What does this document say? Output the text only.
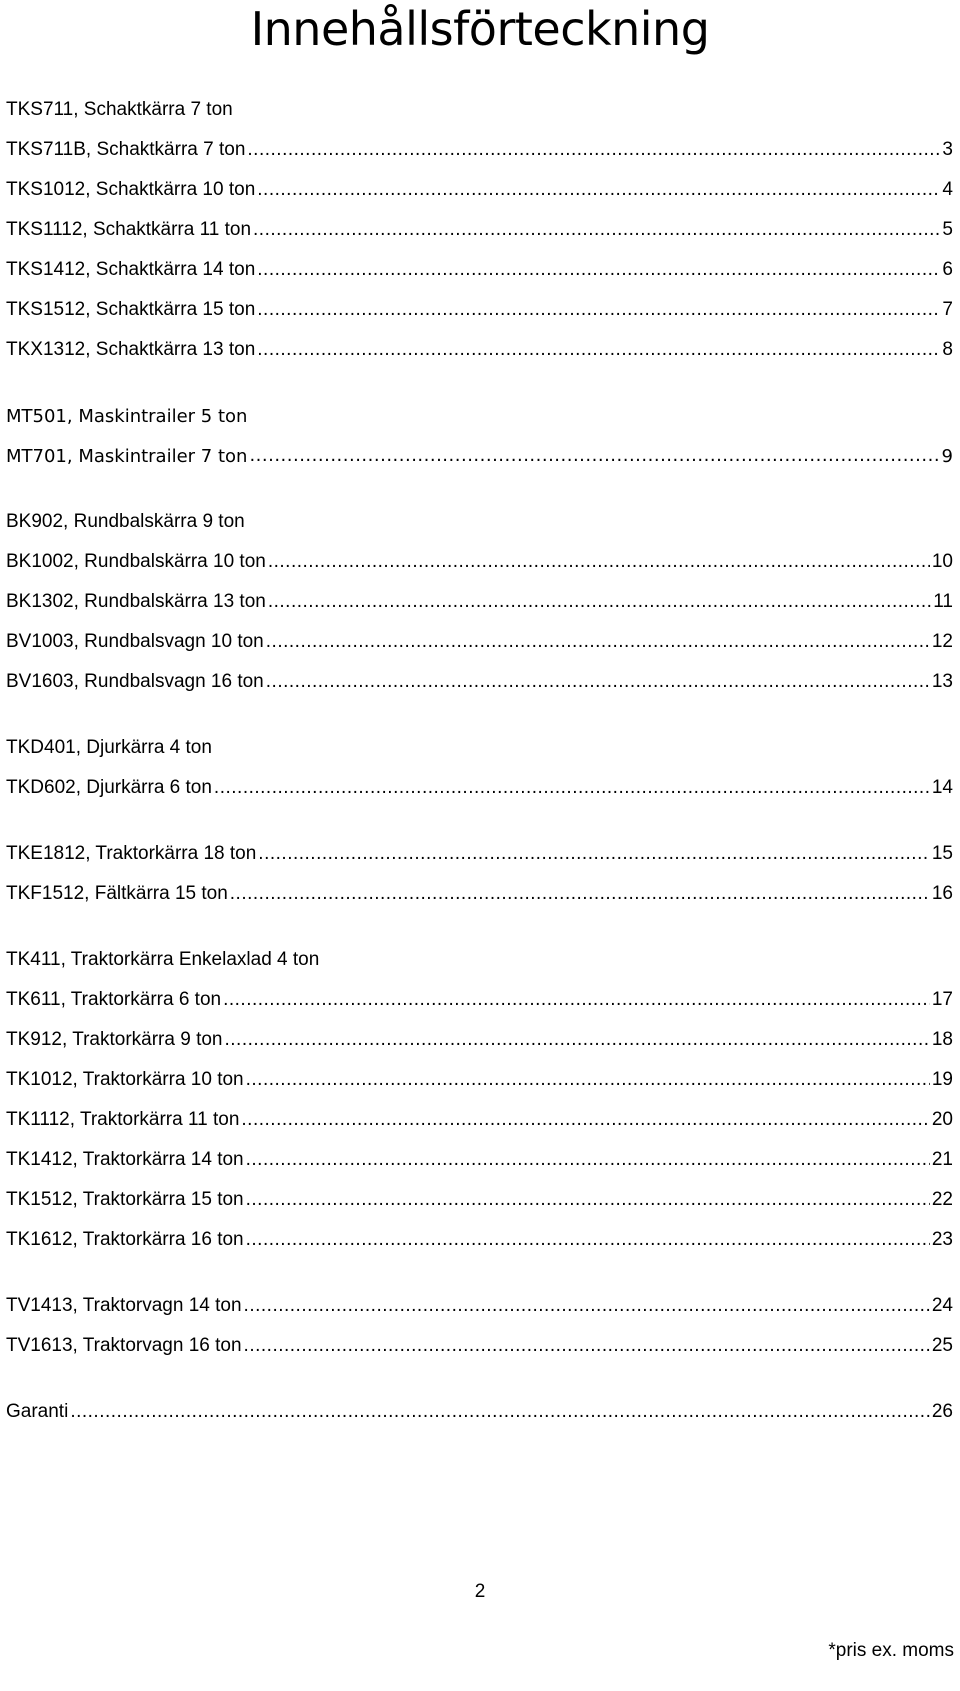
Innehållsförteckning
TKS711, Schaktkärra 7 ton
TKS711B, Schaktkärra 7 ton .....	3
TKS1012, Schaktkärra 10 ton .....	4
TKS1112, Schaktkärra 11 ton .....	5
TKS1412, Schaktkärra 14 ton .....	6
TKS1512, Schaktkärra 15 ton .....	7
TKX1312, Schaktkärra 13 ton .....	8
MT501, Maskintrailer 5 ton
MT701, Maskintrailer 7 ton .....	9
BK902, Rundbalskärra 9 ton
BK1002, Rundbalskärra 10 ton .....	10
BK1302, Rundbalskärra 13 ton .....	11
BV1003, Rundbalsvagn 10 ton .....	12
BV1603, Rundbalsvagn 16 ton .....	13
TKD401, Djurkärra 4 ton
TKD602, Djurkärra 6 ton .....	14
TKE1812, Traktorkärra 18 ton .....	15
TKF1512, Fältkärra 15 ton .....	16
TK411, Traktorkärra Enkelaxlad 4 ton
TK611, Traktorkärra 6 ton .....	17
TK912, Traktorkärra 9 ton .....	18
TK1012, Traktorkärra 10 ton .....	19
TK1112, Traktorkärra 11 ton .....	20
TK1412, Traktorkärra 14 ton .....	21
TK1512, Traktorkärra 15 ton .....	22
TK1612, Traktorkärra 16 ton .....	23
TV1413, Traktorvagn 14 ton .....	24
TV1613, Traktorvagn 16 ton .....	25
Garanti .....	26
2
*pris ex. moms
